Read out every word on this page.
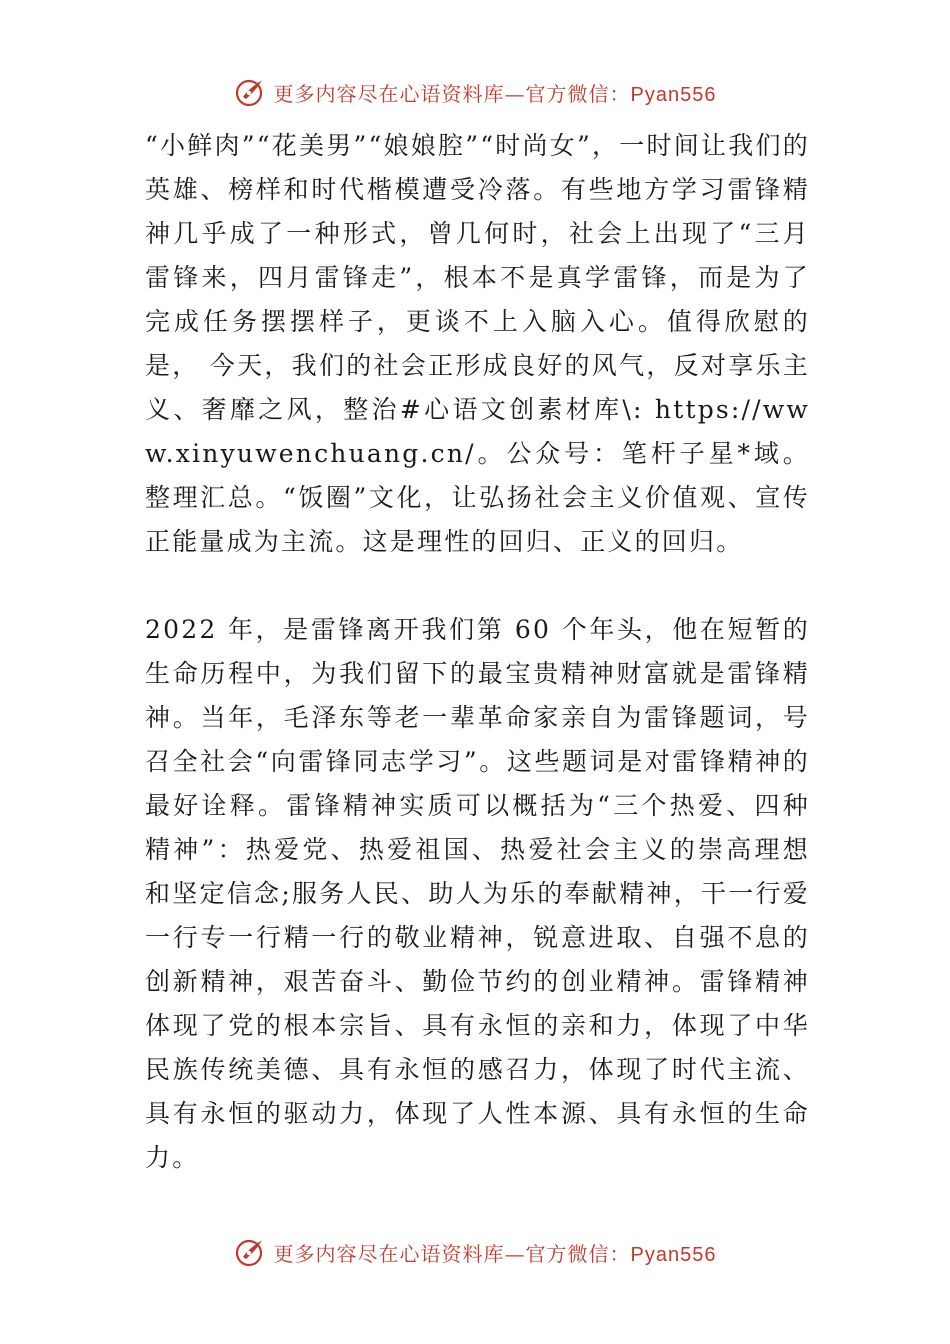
更多内容尽在心语资料库—官方微信：Pyan556

“小鲜肉”“花美男”“娘娘腔”“时尚女”，一时间让我们的英雄、榜样和时代楷模遭受冷落。有些地方学习雷锋精神几乎成了一种形式，曾几何时，社会上出现了“三月雷锋来，四月雷锋走”，根本不是真学雷锋，而是为了完成任务摆摆样子，更谈不上入脑入心。值得欣慰的是， 今天，我们的社会正形成良好的风气，反对享乐主义、奢靡之风，整治#心语文创素材库\: https://www.xinyuwenchuang.cn/。公众号：笔杆子星*域。整理汇总。“饭圈”文化，让弘扬社会主义价值观、宣传正能量成为主流。这是理性的回归、正义的回归。

2022 年，是雷锋离开我们第 60 个年头，他在短暂的生命历程中，为我们留下的最宝贵精神财富就是雷锋精神。当年，毛泽东等老一辈革命家亲自为雷锋题词，号召全社会“向雷锋同志学习”。这些题词是对雷锋精神的最好诠释。雷锋精神实质可以概括为“三个热爱、四种精神”：热爱党、热爱祖国、热爱社会主义的崇高理想和坚定信念;服务人民、助人为乐的奉献精神，干一行爱一行专一行精一行的敬业精神，锐意进取、自强不息的创新精神，艰苦奋斗、勤俭节约的创业精神。雷锋精神体现了党的根本宗旨、具有永恒的亲和力，体现了中华民族传统美德、具有永恒的感召力，体现了时代主流、具有永恒的驱动力，体现了人性本源、具有永恒的生命力。

更多内容尽在心语资料库—官方微信：Pyan556
